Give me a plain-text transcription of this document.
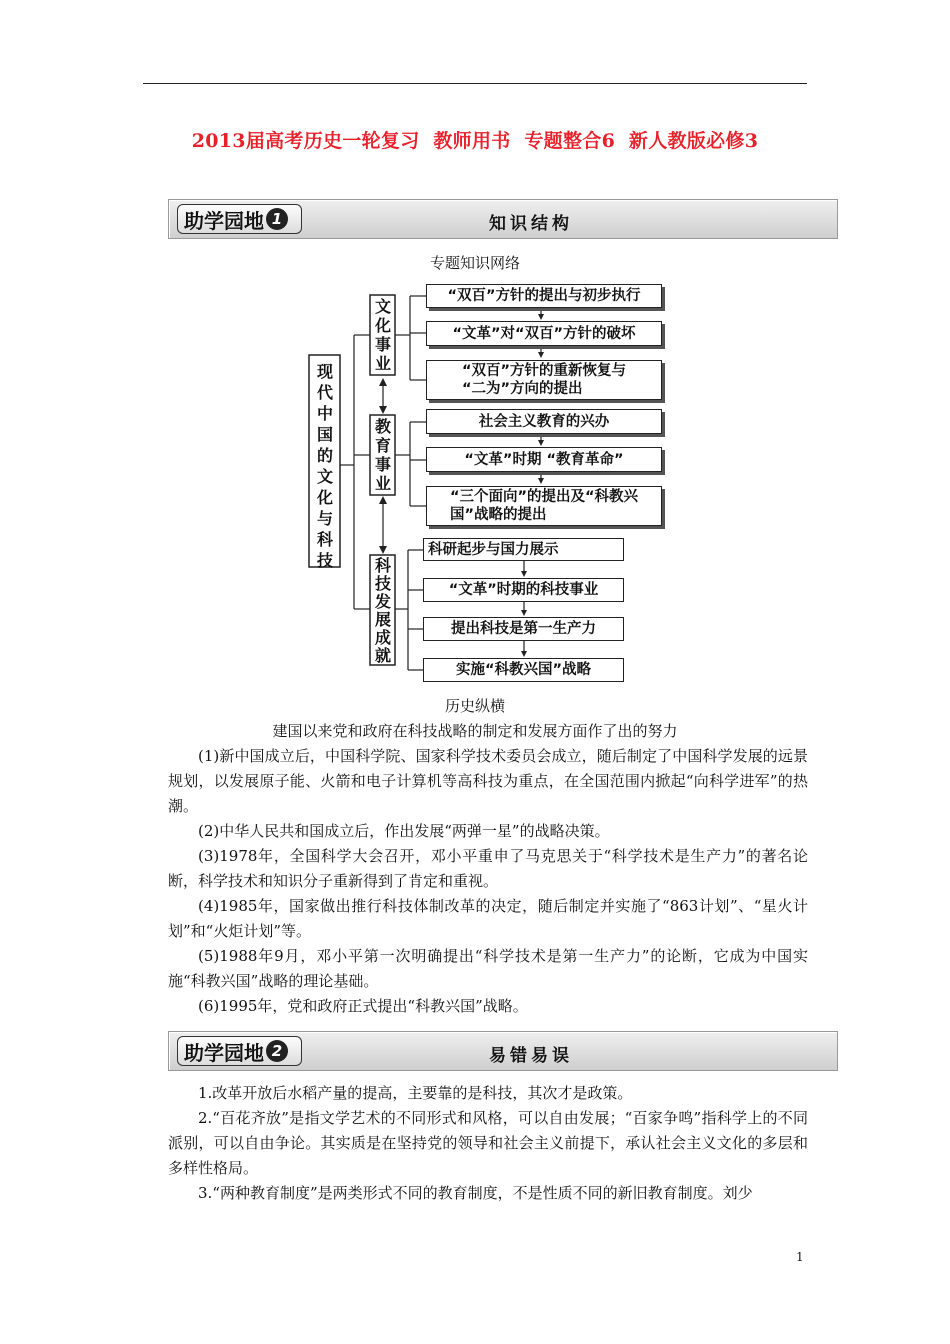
2013届高考历史一轮复习  教师用书  专题整合6  新人教版必修3
助学园地 1	知识结构
专题知识网络
现
代
中
国
的
文
化
与
科
技
文
化
事
业
教
育
事
业
科
技
发
展
成
就
“双百”方针的提出与初步执行
“文革”对“双百”方针的破坏
“双百”方针的重新恢复与
“二为”方向的提出
社会主义教育的兴办
“文革”时期 “教育革命”
“三个面向”的提出及“科教兴
国”战略的提出
科研起步与国力展示
“文革”时期的科技事业
提出科技是第一生产力
实施“科教兴国”战略
历史纵横
建国以来党和政府在科技战略的制定和发展方面作了出的努力
(1)新中国成立后，中国科学院、国家科学技术委员会成立，随后制定了中国科学发展的远景规划，以发展原子能、火箭和电子计算机等高科技为重点，在全国范围内掀起“向科学进军”的热潮。
(2)中华人民共和国成立后，作出发展“两弹一星”的战略决策。
(3)1978年，全国科学大会召开，邓小平重申了马克思关于“科学技术是生产力”的著名论断，科学技术和知识分子重新得到了肯定和重视。
(4)1985年，国家做出推行科技体制改革的决定，随后制定并实施了“863计划”、“星火计划”和“火炬计划”等。
(5)1988年9月，邓小平第一次明确提出“科学技术是第一生产力”的论断，它成为中国实施“科教兴国”战略的理论基础。
(6)1995年，党和政府正式提出“科教兴国”战略。
助学园地 2	易错易误
1.改革开放后水稻产量的提高，主要靠的是科技，其次才是政策。
2.“百花齐放”是指文学艺术的不同形式和风格，可以自由发展；“百家争鸣”指科学上的不同派别，可以自由争论。其实质是在坚持党的领导和社会主义前提下，承认社会主义文化的多层和多样性格局。
3.“两种教育制度”是两类形式不同的教育制度，不是性质不同的新旧教育制度。刘少
1
